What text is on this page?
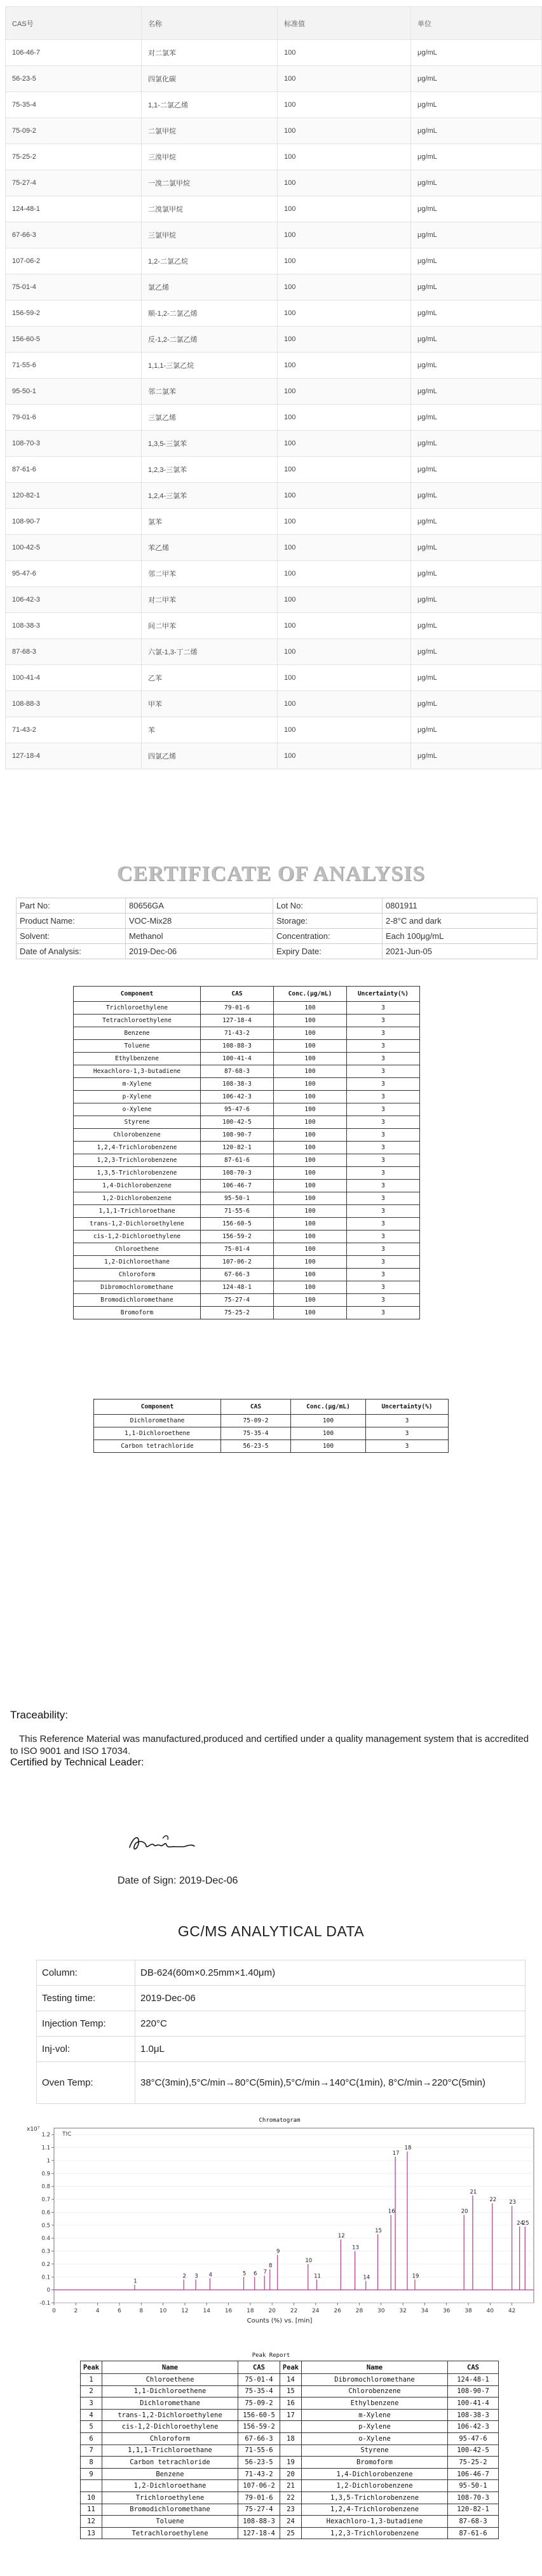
CAS号	名称	标准值	单位
106-46-7	对二氯苯	100	μg/mL
56-23-5	四氯化碳	100	μg/mL
75-35-4	1,1-二氯乙烯	100	μg/mL
75-09-2	二氯甲烷	100	μg/mL
75-25-2	三溴甲烷	100	μg/mL
75-27-4	一溴二氯甲烷	100	μg/mL
124-48-1	二溴氯甲烷	100	μg/mL
67-66-3	三氯甲烷	100	μg/mL
107-06-2	1,2-二氯乙烷	100	μg/mL
75-01-4	氯乙烯	100	μg/mL
156-59-2	顺-1,2-二氯乙烯	100	μg/mL
156-60-5	反-1,2-二氯乙烯	100	μg/mL
71-55-6	1,1,1-三氯乙烷	100	μg/mL
95-50-1	邻二氯苯	100	μg/mL
79-01-6	三氯乙烯	100	μg/mL
108-70-3	1,3,5-三氯苯	100	μg/mL
87-61-6	1,2,3-三氯苯	100	μg/mL
120-82-1	1,2,4-三氯苯	100	μg/mL
108-90-7	氯苯	100	μg/mL
100-42-5	苯乙烯	100	μg/mL
95-47-6	邻二甲苯	100	μg/mL
106-42-3	对二甲苯	100	μg/mL
108-38-3	间二甲苯	100	μg/mL
87-68-3	六氯-1,3-丁二烯	100	μg/mL
100-41-4	乙苯	100	μg/mL
108-88-3	甲苯	100	μg/mL
71-43-2	苯	100	μg/mL
127-18-4	四氯乙烯	100	μg/mL
CERTIFICATE OF ANALYSIS
Part No:	80656GA	Lot No:	0801911
Product Name:	VOC-Mix28	Storage:	2-8°C and dark
Solvent:	Methanol	Concentration:	Each 100μg/mL
Date of Analysis:	2019-Dec-06	Expiry Date:	2021-Jun-05
Component	CAS	Conc.(μg/mL)	Uncertainty(%)
Trichloroethylene	79-01-6	100	3
Tetrachloroethylene	127-18-4	100	3
Benzene	71-43-2	100	3
Toluene	108-88-3	100	3
Ethylbenzene	100-41-4	100	3
Hexachloro-1,3-butadiene	87-68-3	100	3
m-Xylene	108-38-3	100	3
p-Xylene	106-42-3	100	3
o-Xylene	95-47-6	100	3
Styrene	100-42-5	100	3
Chlorobenzene	108-90-7	100	3
1,2,4-Trichlorobenzene	120-82-1	100	3
1,2,3-Trichlorobenzene	87-61-6	100	3
1,3,5-Trichlorobenzene	108-70-3	100	3
1,4-Dichlorobenzene	106-46-7	100	3
1,2-Dichlorobenzene	95-50-1	100	3
1,1,1-Trichloroethane	71-55-6	100	3
trans-1,2-Dichloroethylene	156-60-5	100	3
cis-1,2-Dichloroethylene	156-59-2	100	3
Chloroethene	75-01-4	100	3
1,2-Dichloroethane	107-06-2	100	3
Chloroform	67-66-3	100	3
Dibromochloromethane	124-48-1	100	3
Bromodichloromethane	75-27-4	100	3
Bromoform	75-25-2	100	3
Component	CAS	Conc.(μg/mL)	Uncertainty(%)
Dichloromethane	75-09-2	100	3
1,1-Dichloroethene	75-35-4	100	3
Carbon tetrachloride	56-23-5	100	3
Traceability:
This Reference Material was manufactured,produced and certified under a quality management system that is accredited to ISO 9001 and ISO 17034.
Certified by Technical Leader:
Date of Sign: 2019-Dec-06
GC/MS ANALYTICAL DATA
Column:	DB-624(60m×0.25mm×1.40μm)
Testing time:	2019-Dec-06
Injection Temp:	220°C
Inj-vol:	1.0μL
Oven Temp:	38°C(3min),5°C/min→80°C(5min),5°C/min→140°C(1min), 8°C/min→220°C(5min)
Chromatogram
x10⁷
TIC
-0.1
0
0.1
0.2
0.3
0.4
0.5
0.6
0.7
0.8
0.9
1
1.1
1.2
0	2	4	6	8	10	12	14	16	18	20	22	24	26	28	30	32	34	36	38	40	42
1
2 3 4	5 6 7
8
9
10
11
12
13
14
15
16
17
18
19
20
21
22 23
24
25
Counts (%) vs. [min]
Peak Report
Peak	Name	CAS	Peak	Name	CAS
1	Chloroethene	75-01-4	14	Dibromochloromethane	124-48-1
2	1,1-Dichloroethene	75-35-4	15	Chlorobenzene	108-90-7
3	Dichloromethane	75-09-2	16	Ethylbenzene	100-41-4
4	trans-1,2-Dichloroethylene	156-60-5	17	m-Xylene	108-38-3
5	cis-1,2-Dichloroethylene	156-59-2		p-Xylene	106-42-3
6	Chloroform	67-66-3	18	o-Xylene	95-47-6
7	1,1,1-Trichloroethane	71-55-6		Styrene	100-42-5
8	Carbon tetrachloride	56-23-5	19	Bromoform	75-25-2
9	Benzene	71-43-2	20	1,4-Dichlorobenzene	106-46-7
	1,2-Dichloroethane	107-06-2	21	1,2-Dichlorobenzene	95-50-1
10	Trichloroethylene	79-01-6	22	1,3,5-Trichlorobenzene	108-70-3
11	Bromodichloromethane	75-27-4	23	1,2,4-Trichlorobenzene	120-82-1
12	Toluene	108-88-3	24	Hexachloro-1,3-butadiene	87-68-3
13	Tetrachloroethylene	127-18-4	25	1,2,3-Trichlorobenzene	87-61-6
